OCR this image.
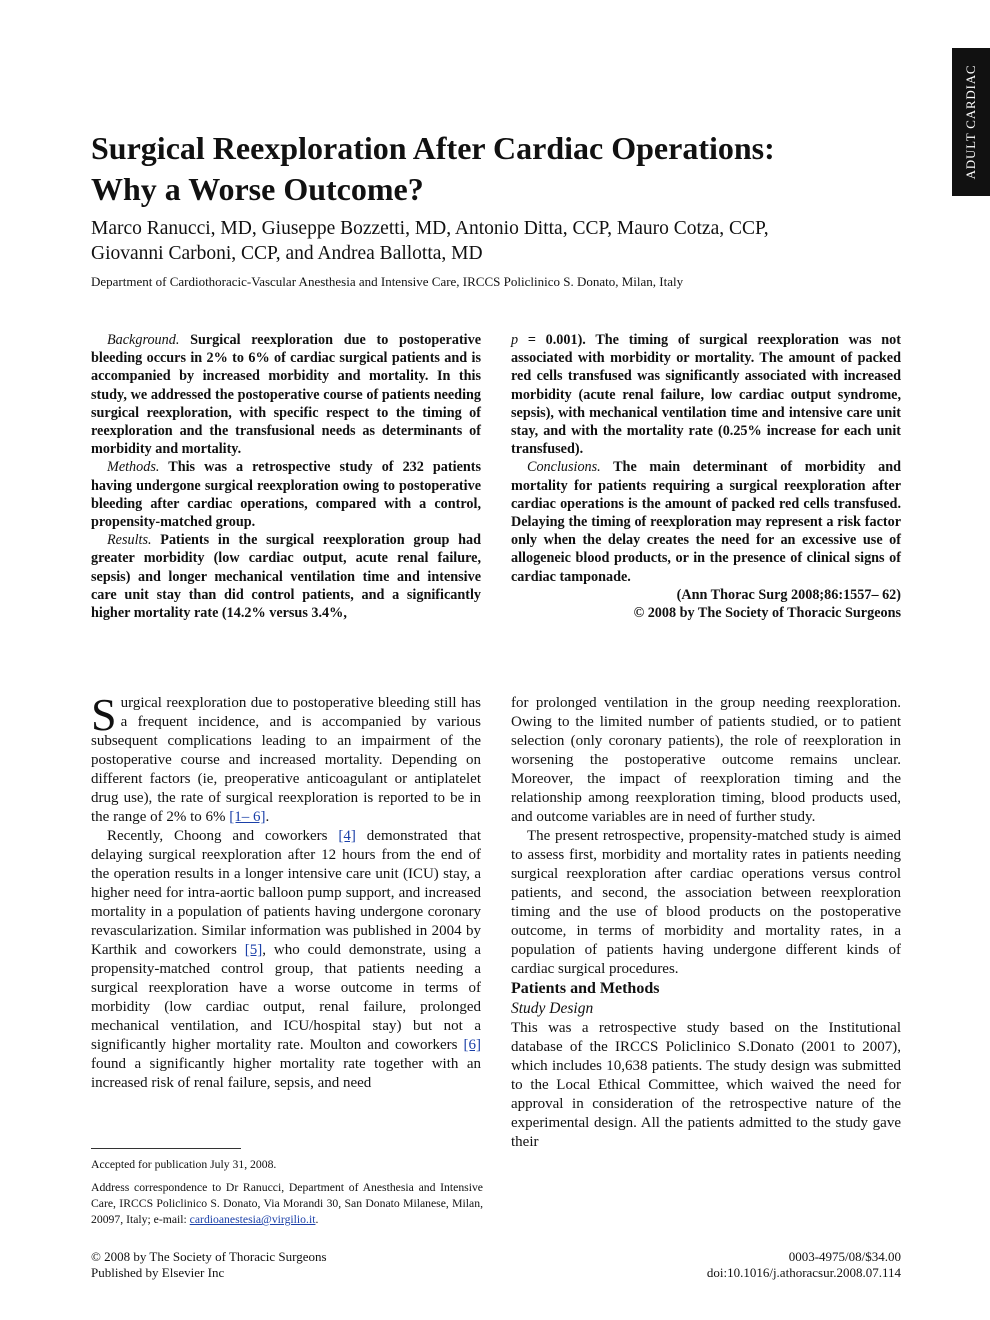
ADULT CARDIAC
Surgical Reexploration After Cardiac Operations:
Why a Worse Outcome?
Marco Ranucci, MD, Giuseppe Bozzetti, MD, Antonio Ditta, CCP, Mauro Cotza, CCP,
Giovanni Carboni, CCP, and Andrea Ballotta, MD
Department of Cardiothoracic-Vascular Anesthesia and Intensive Care, IRCCS Policlinico S. Donato, Milan, Italy

Background. Surgical reexploration due to postoperative bleeding occurs in 2% to 6% of cardiac surgical patients and is accompanied by increased morbidity and mortality. In this study, we addressed the postoperative course of patients needing surgical reexploration, with specific respect to the timing of reexploration and the transfusional needs as determinants of morbidity and mortality.

Methods. This was a retrospective study of 232 patients having undergone surgical reexploration owing to postoperative bleeding after cardiac operations, compared with a control, propensity-matched group.

Results. Patients in the surgical reexploration group had greater morbidity (low cardiac output, acute renal failure, sepsis) and longer mechanical ventilation time and intensive care unit stay than did control patients, and a significantly higher mortality rate (14.2% versus 3.4%,

p = 0.001). The timing of surgical reexploration was not associated with morbidity or mortality. The amount of packed red cells transfused was significantly associated with increased morbidity (acute renal failure, low cardiac output syndrome, sepsis), with mechanical ventilation time and intensive care unit stay, and with the mortality rate (0.25% increase for each unit transfused).

Conclusions. The main determinant of morbidity and mortality for patients requiring a surgical reexploration after cardiac operations is the amount of packed red cells transfused. Delaying the timing of reexploration may represent a risk factor only when the delay creates the need for an excessive use of allogeneic blood products, or in the presence of clinical signs of cardiac tamponade.

(Ann Thorac Surg 2008;86:1557– 62)

© 2008 by The Society of Thoracic Surgeons

Surgical reexploration due to postoperative bleeding still has a frequent incidence, and is accompanied by various subsequent complications leading to an impairment of the postoperative course and increased mortality. Depending on different factors (ie, preoperative anticoagulant or antiplatelet drug use), the rate of surgical reexploration is reported to be in the range of 2% to 6% [1– 6].

Recently, Choong and coworkers [4] demonstrated that delaying surgical reexploration after 12 hours from the end of the operation results in a longer intensive care unit (ICU) stay, a higher need for intra-aortic balloon pump support, and increased mortality in a population of patients having undergone coronary revascularization. Similar information was published in 2004 by Karthik and coworkers [5], who could demonstrate, using a propensity-matched control group, that patients needing a surgical reexploration have a worse outcome in terms of morbidity (low cardiac output, renal failure, prolonged mechanical ventilation, and ICU/hospital stay) but not a significantly higher mortality rate. Moulton and coworkers [6] found a significantly higher mortality rate together with an increased risk of renal failure, sepsis, and need

for prolonged ventilation in the group needing reexploration. Owing to the limited number of patients studied, or to patient selection (only coronary patients), the role of reexploration in worsening the postoperative outcome remains unclear. Moreover, the impact of reexploration timing and the relationship among reexploration timing, blood products used, and outcome variables are in need of further study.

The present retrospective, propensity-matched study is aimed to assess first, morbidity and mortality rates in patients needing surgical reexploration after cardiac operations versus control patients, and second, the association between reexploration timing and the use of blood products on the postoperative outcome, in terms of morbidity and mortality rates, in a population of patients having undergone different kinds of cardiac surgical procedures.

Patients and Methods

Study Design

This was a retrospective study based on the Institutional database of the IRCCS Policlinico S.Donato (2001 to 2007), which includes 10,638 patients. The study design was submitted to the Local Ethical Committee, which waived the need for approval in consideration of the retrospective nature of the experimental design. All the patients admitted to the study gave their

Accepted for publication July 31, 2008.
Address correspondence to Dr Ranucci, Department of Anesthesia and Intensive Care, IRCCS Policlinico S. Donato, Via Morandi 30, San Donato Milanese, Milan, 20097, Italy; e-mail: cardioanestesia@virgilio.it.
© 2008 by The Society of Thoracic Surgeons
Published by Elsevier Inc
0003-4975/08/$34.00
doi:10.1016/j.athoracsur.2008.07.114
